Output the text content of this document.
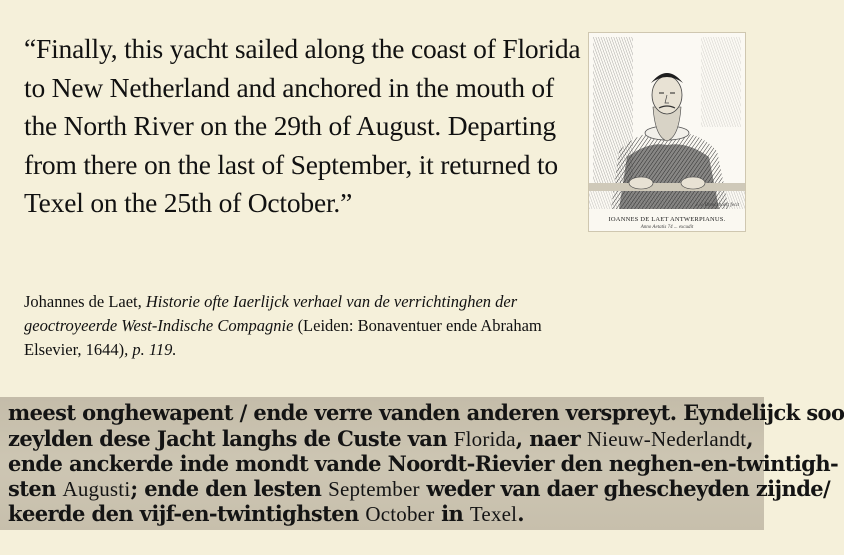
“Finally, this yacht sailed along the coast of Florida to New Netherland and anchored in the mouth of the North River on the 29th of August. Departing from there on the last of September, it returned to Texel on the 25th of October.”

Johannes de Laet, Historie ofte Iaerlijck verhael van de verrichtinghen der geoctroyeerde West-Indische Compagnie (Leiden: Bonaventuer ende Abraham Elsevier, 1644), p. 119.

J. v. Bronckhorst fecit
IOANNES DE LAET ANTWERPIANUS.
Anno Aetatis 74 ... excudit
meest onghewapent / ende verre vanden anderen verspreyt. Eyndelijck soo
zeylden dese Jacht langhs de Custe van Florida, naer Nieuw-Nederlandt,
ende anckerde inde mondt vande Noordt-Rievier den neghen-en-twintigh-
sten Augusti; ende den lesten September weder van daer ghescheyden zijnde/
keerde den vijf-en-twintighsten October in Texel.
